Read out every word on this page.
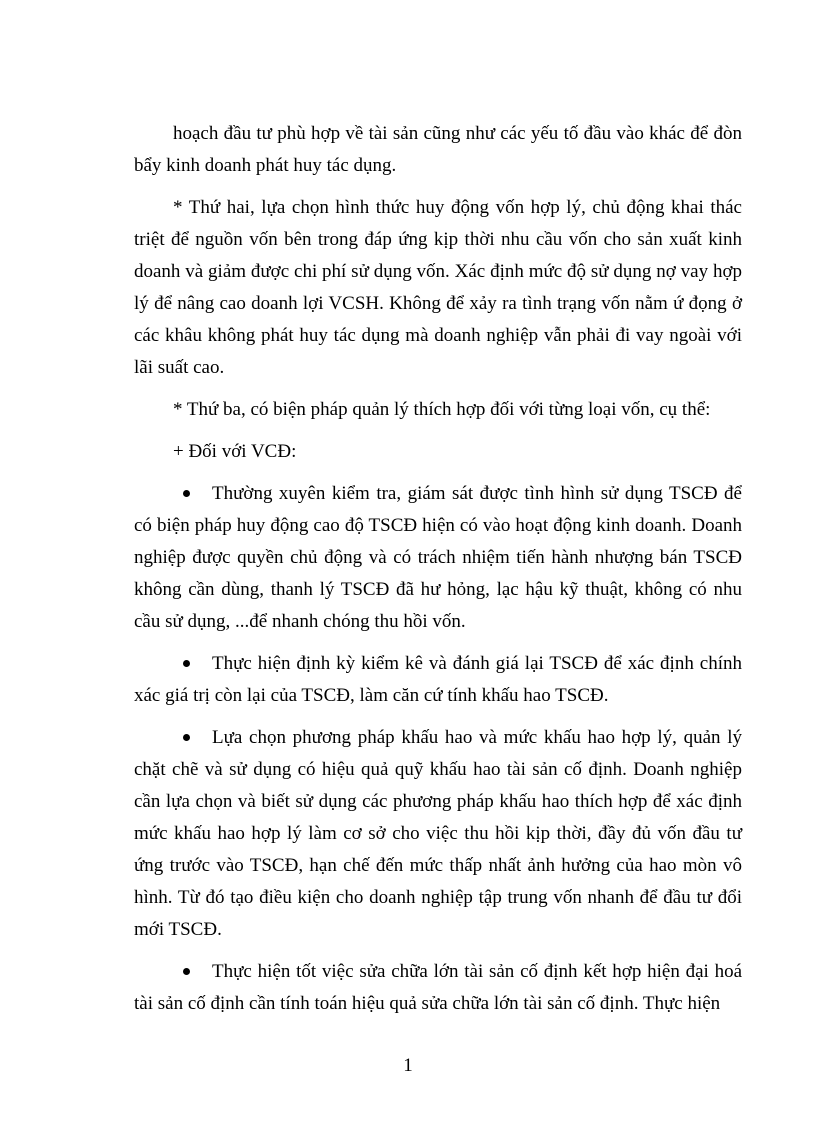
hoạch đầu tư phù hợp về tài sản cũng như các yếu tố đầu vào khác để đòn bẩy kinh doanh phát huy tác dụng.

* Thứ hai, lựa chọn hình thức huy động vốn hợp lý, chủ động khai thác triệt để nguồn vốn bên trong đáp ứng kịp thời nhu cầu vốn cho sản xuất kinh doanh và giảm được chi phí sử dụng vốn. Xác định mức độ sử dụng nợ vay hợp lý để nâng cao doanh lợi VCSH. Không để xảy ra tình trạng vốn nằm ứ đọng ở các khâu không phát huy tác dụng mà doanh nghiệp vẫn phải đi vay ngoài với lãi suất cao.

* Thứ ba, có biện pháp quản lý thích hợp đối với từng loại vốn, cụ thể:

+ Đối với VCĐ:

Thường xuyên kiểm tra, giám sát được tình hình sử dụng TSCĐ để có biện pháp huy động cao độ TSCĐ hiện có vào hoạt động kinh doanh. Doanh nghiệp được quyền chủ động và có trách nhiệm tiến hành nhượng bán TSCĐ không cần dùng, thanh lý TSCĐ đã hư hỏng, lạc hậu kỹ thuật, không có nhu cầu sử dụng, ...để nhanh chóng thu hồi vốn.
Thực hiện định kỳ kiểm kê và đánh giá lại TSCĐ để xác định chính xác giá trị còn lại của TSCĐ, làm căn cứ tính khấu hao TSCĐ.
Lựa chọn phương pháp khấu hao và mức khấu hao hợp lý, quản lý chặt chẽ và sử dụng có hiệu quả quỹ khấu hao tài sản cố định. Doanh nghiệp cần lựa chọn và biết sử dụng các phương pháp khấu hao thích hợp để xác định mức khấu hao hợp lý làm cơ sở cho việc thu hồi kịp thời, đầy đủ vốn đầu tư ứng trước vào TSCĐ, hạn chế đến mức thấp nhất ảnh hưởng của hao mòn vô hình. Từ đó tạo điều kiện cho doanh nghiệp tập trung vốn nhanh để đầu tư đổi mới TSCĐ.
Thực hiện tốt việc sửa chữa lớn tài sản cố định kết hợp hiện đại hoá tài sản cố định cần tính toán hiệu quả sửa chữa lớn tài sản cố định. Thực hiện
1
